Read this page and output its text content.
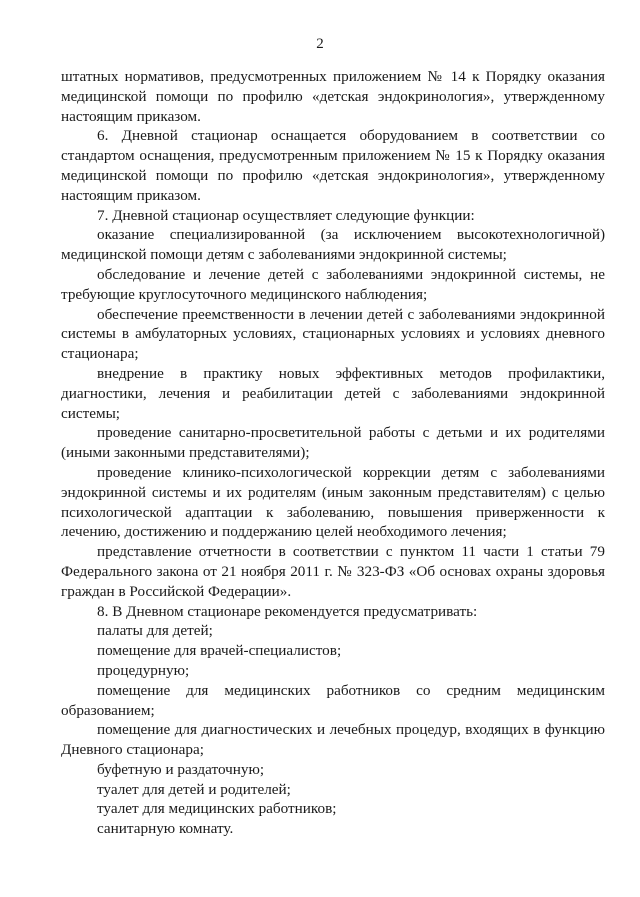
2

штатных нормативов, предусмотренных приложением № 14 к Порядку оказания медицинской помощи по профилю «детская эндокринология», утвержденному настоящим приказом.

6. Дневной стационар оснащается оборудованием в соответствии со стандартом оснащения, предусмотренным приложением № 15 к Порядку оказания медицинской помощи по профилю «детская эндокринология», утвержденному настоящим приказом.

7. Дневной стационар осуществляет следующие функции:

оказание специализированной (за исключением высокотехнологичной) медицинской помощи детям с заболеваниями эндокринной системы;

обследование и лечение детей с заболеваниями эндокринной системы, не требующие круглосуточного медицинского наблюдения;

обеспечение преемственности в лечении детей с заболеваниями эндокринной системы в амбулаторных условиях, стационарных условиях и условиях дневного стационара;

внедрение в практику новых эффективных методов профилактики, диагностики, лечения и реабилитации детей с заболеваниями эндокринной системы;

проведение санитарно-просветительной работы с детьми и их родителями (иными законными представителями);

проведение клинико-психологической коррекции детям с заболеваниями эндокринной системы и их родителям (иным законным представителям) с целью психологической адаптации к заболеванию, повышения приверженности к лечению, достижению и поддержанию целей необходимого лечения;

представление отчетности в соответствии с пунктом 11 части 1 статьи 79 Федерального закона от 21 ноября 2011 г. № 323-ФЗ «Об основах охраны здоровья граждан в Российской Федерации».

8. В Дневном стационаре рекомендуется предусматривать:

палаты для детей;

помещение для врачей-специалистов;

процедурную;

помещение для медицинских работников со средним медицинским образованием;

помещение для диагностических и лечебных процедур, входящих в функцию Дневного стационара;

буфетную и раздаточную;

туалет для детей и родителей;

туалет для медицинских работников;

санитарную комнату.
